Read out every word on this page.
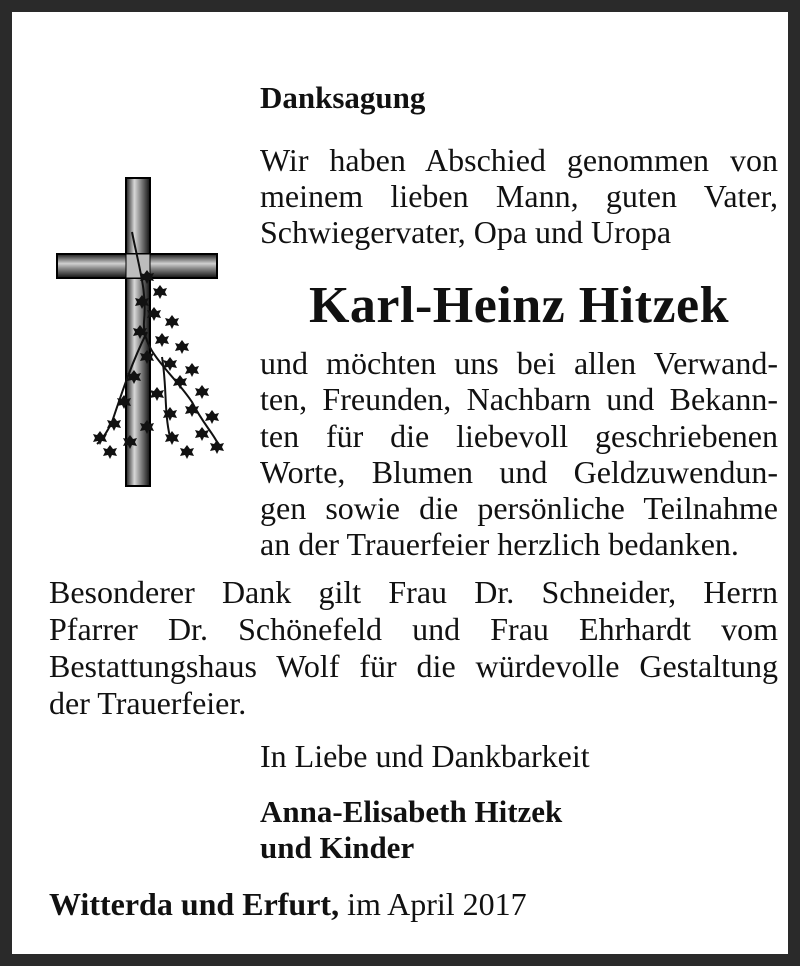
Danksagung

Wir haben Abschied genommen von
meinem lieben Mann, guten Vater,
Schwiegervater, Opa und Uropa

Karl-Heinz Hitzek

und möchten uns bei allen Verwand-
ten, Freunden, Nachbarn und Bekann-
ten für die liebevoll geschriebenen
Worte, Blumen und Geldzuwendun-
gen sowie die persönliche Teilnahme
an der Trauerfeier herzlich bedanken.

Besonderer Dank gilt Frau Dr. Schneider, Herrn
Pfarrer Dr. Schönefeld und Frau Ehrhardt vom
Bestattungshaus Wolf für die würdevolle Gestaltung
der Trauerfeier.

In Liebe und Dankbarkeit

Anna-Elisabeth Hitzek
und Kinder

Witterda und Erfurt, im April 2017
